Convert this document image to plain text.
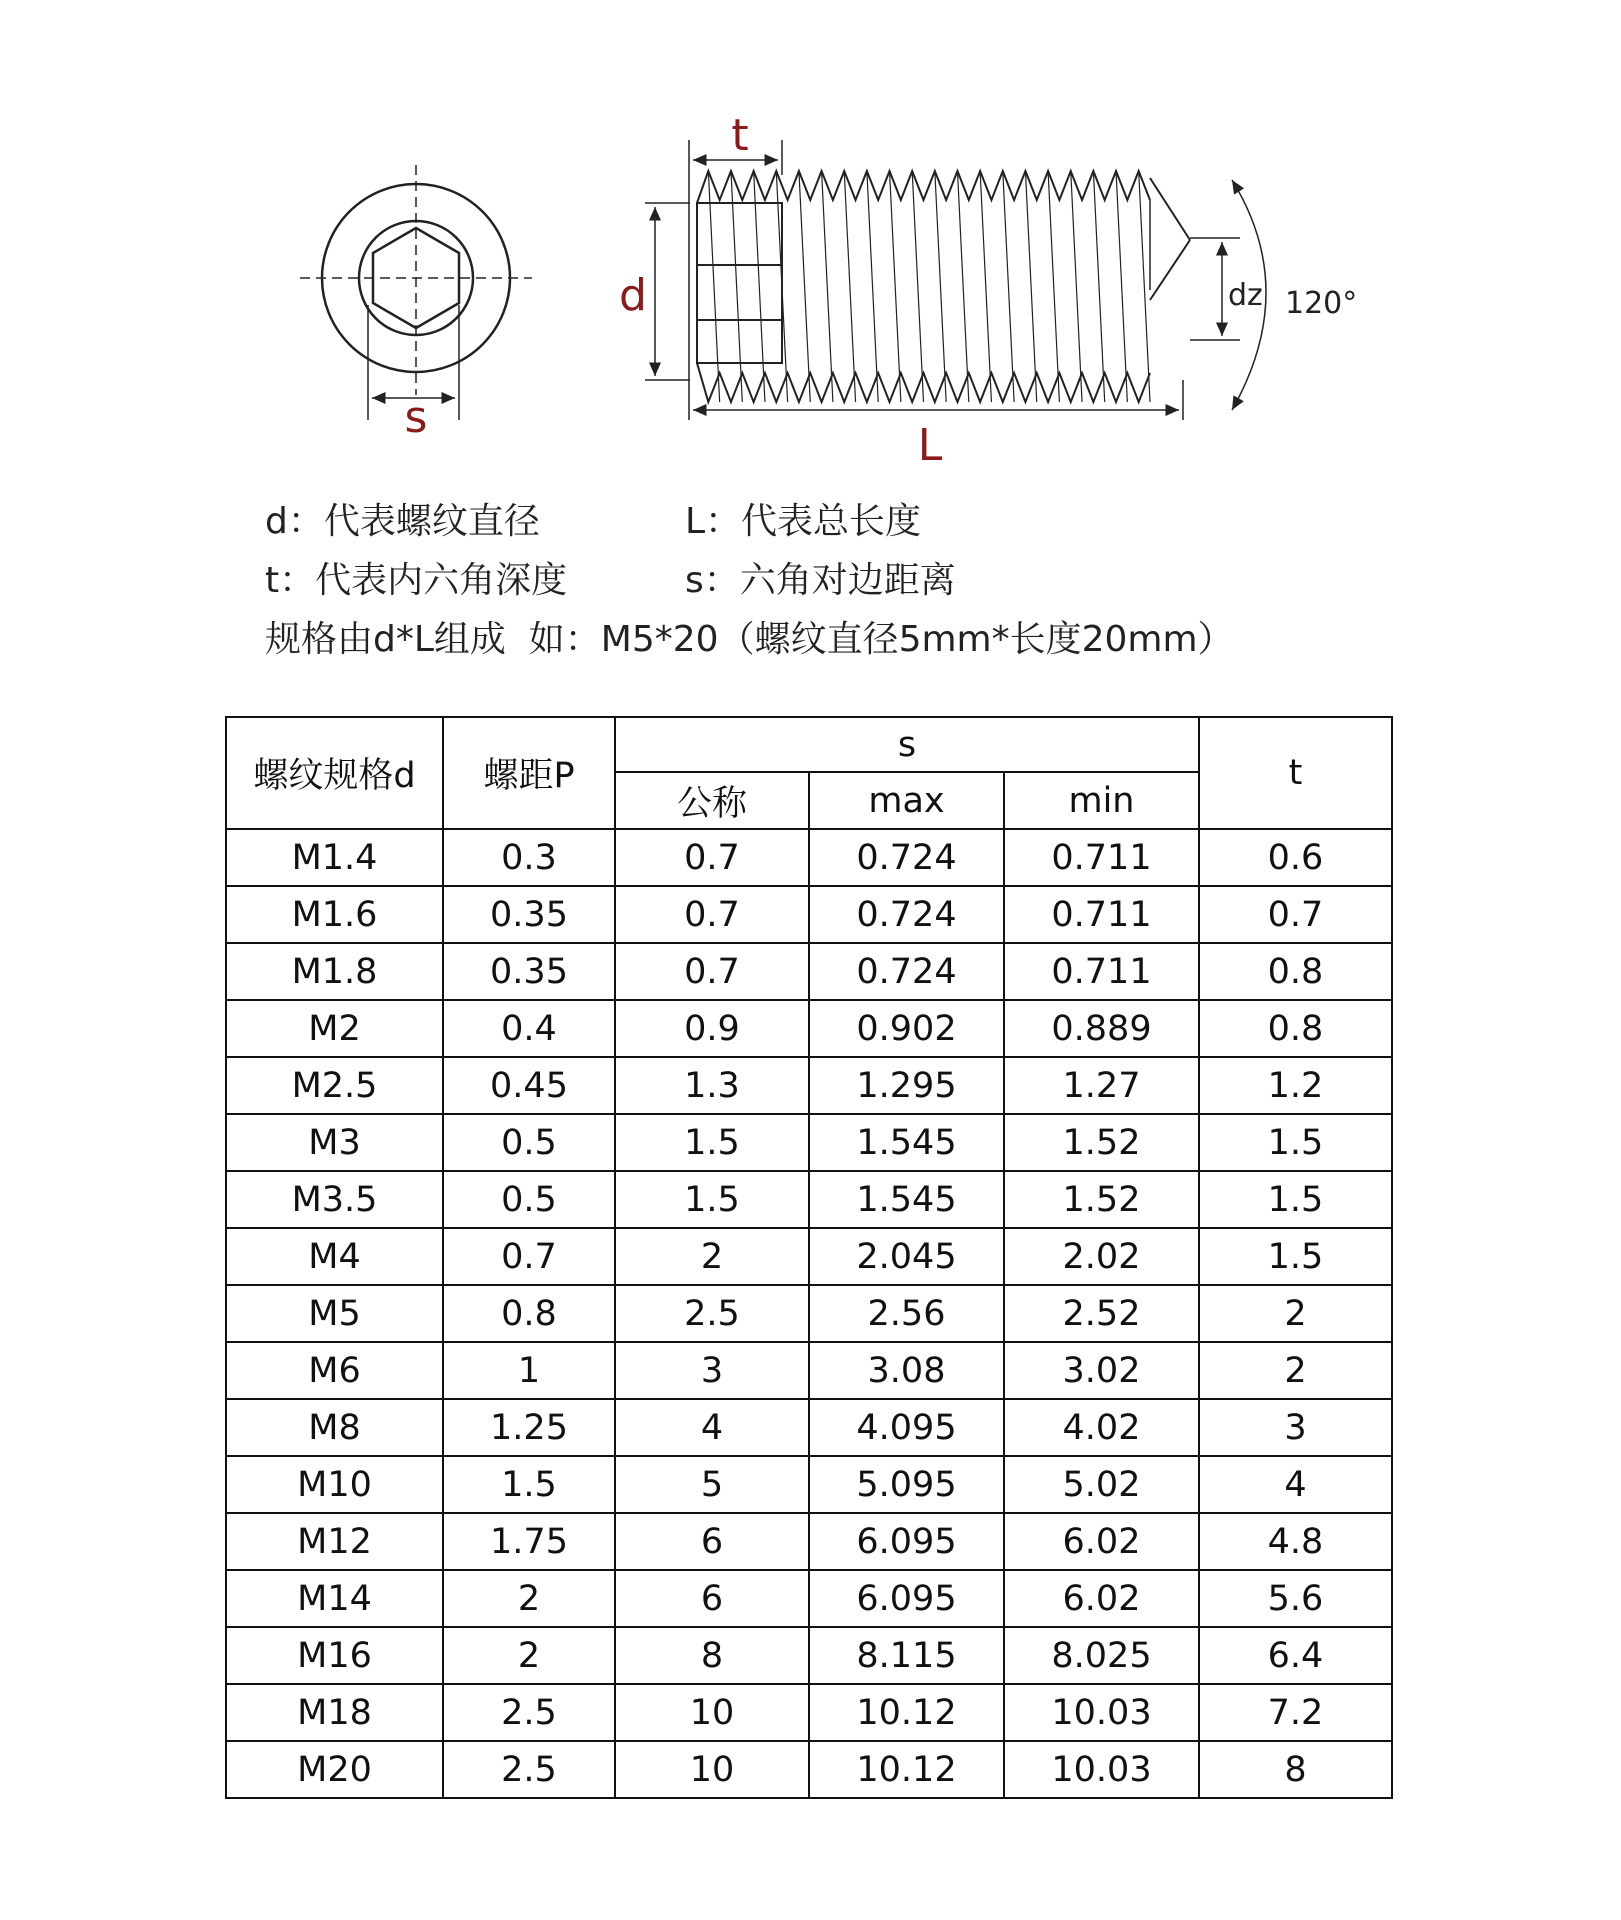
t
d
L
s
dz 120°
d：代表螺纹直径	L：代表总长度
t：代表内六角深度	s：六角对边距离
规格由d*L组成  如：M5*20（螺纹直径5mm*长度20mm）
螺纹规格d	螺距P	s			t
		公称	max	min	
M1.4	0.3	0.7	0.724	0.711	0.6
M1.6	0.35	0.7	0.724	0.711	0.7
M1.8	0.35	0.7	0.724	0.711	0.8
M2	0.4	0.9	0.902	0.889	0.8
M2.5	0.45	1.3	1.295	1.27	1.2
M3	0.5	1.5	1.545	1.52	1.5
M3.5	0.5	1.5	1.545	1.52	1.5
M4	0.7	2	2.045	2.02	1.5
M5	0.8	2.5	2.56	2.52	2
M6	1	3	3.08	3.02	2
M8	1.25	4	4.095	4.02	3
M10	1.5	5	5.095	5.02	4
M12	1.75	6	6.095	6.02	4.8
M14	2	6	6.095	6.02	5.6
M16	2	8	8.115	8.025	6.4
M18	2.5	10	10.12	10.03	7.2
M20	2.5	10	10.12	10.03	8
